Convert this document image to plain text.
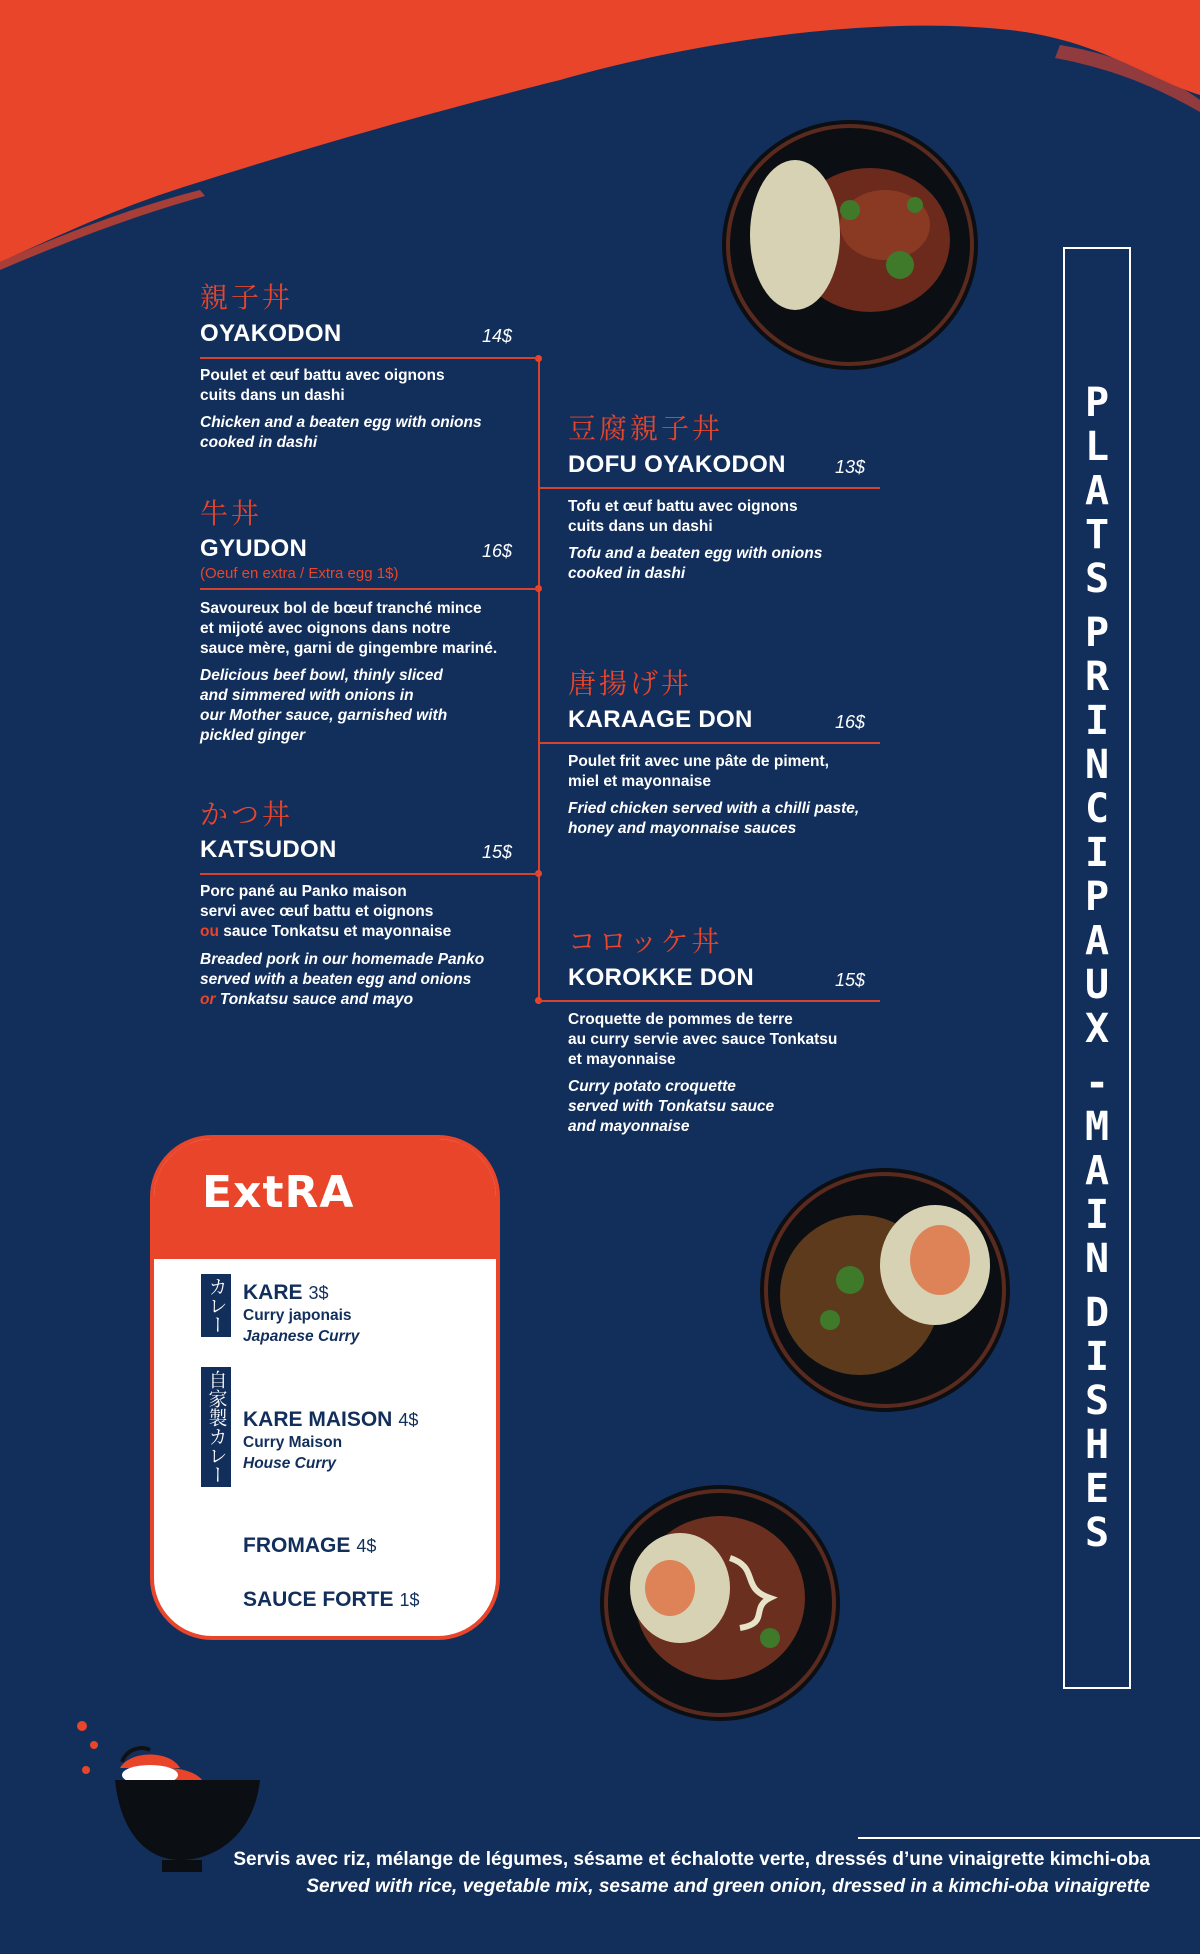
P
L
A
T
S

P
R
I
N
C
I
P
A
U
X

-
M
A
I
N

D
I
S
H
E
S
親子丼
OYAKODON	14$
Poulet et œuf battu avec oignons
cuits dans un dashi
Chicken and a beaten egg with onions
cooked in dashi
牛丼
GYUDON	16$
(Oeuf en extra / Extra egg 1$)
Savoureux bol de bœuf tranché mince
et mijoté avec oignons dans notre
sauce mère, garni de gingembre mariné.
Delicious beef bowl, thinly sliced
and simmered with onions in
our Mother sauce, garnished with
pickled ginger
かつ丼
KATSUDON	15$
Porc pané au Panko maison
servi avec œuf battu et oignons
ou sauce Tonkatsu et mayonnaise
Breaded pork in our homemade Panko
served with a beaten egg and onions
or Tonkatsu sauce and mayo
豆腐親子丼
DOFU OYAKODON	13$
Tofu et œuf battu avec oignons
cuits dans un dashi
Tofu and a beaten egg with onions
cooked in dashi
唐揚げ丼
KARAAGE DON	16$
Poulet frit avec une pâte de piment,
miel et mayonnaise
Fried chicken served with a chilli paste,
honey and mayonnaise sauces
コロッケ丼
KOROKKE DON	15$
Croquette de pommes de terre
au curry servie avec sauce Tonkatsu
et mayonnaise
Curry potato croquette
served with Tonkatsu sauce
and mayonnaise
ExtRA
カレー KARE 3$
Curry japonais
Japanese Curry
自家製カレー KARE MAISON 4$
Curry Maison
House Curry
FROMAGE 4$
SAUCE FORTE 1$
Servis avec riz, mélange de légumes, sésame et échalotte verte, dressés d’une vinaigrette kimchi-oba
Served with rice, vegetable mix, sesame and green onion, dressed in a kimchi-oba vinaigrette
